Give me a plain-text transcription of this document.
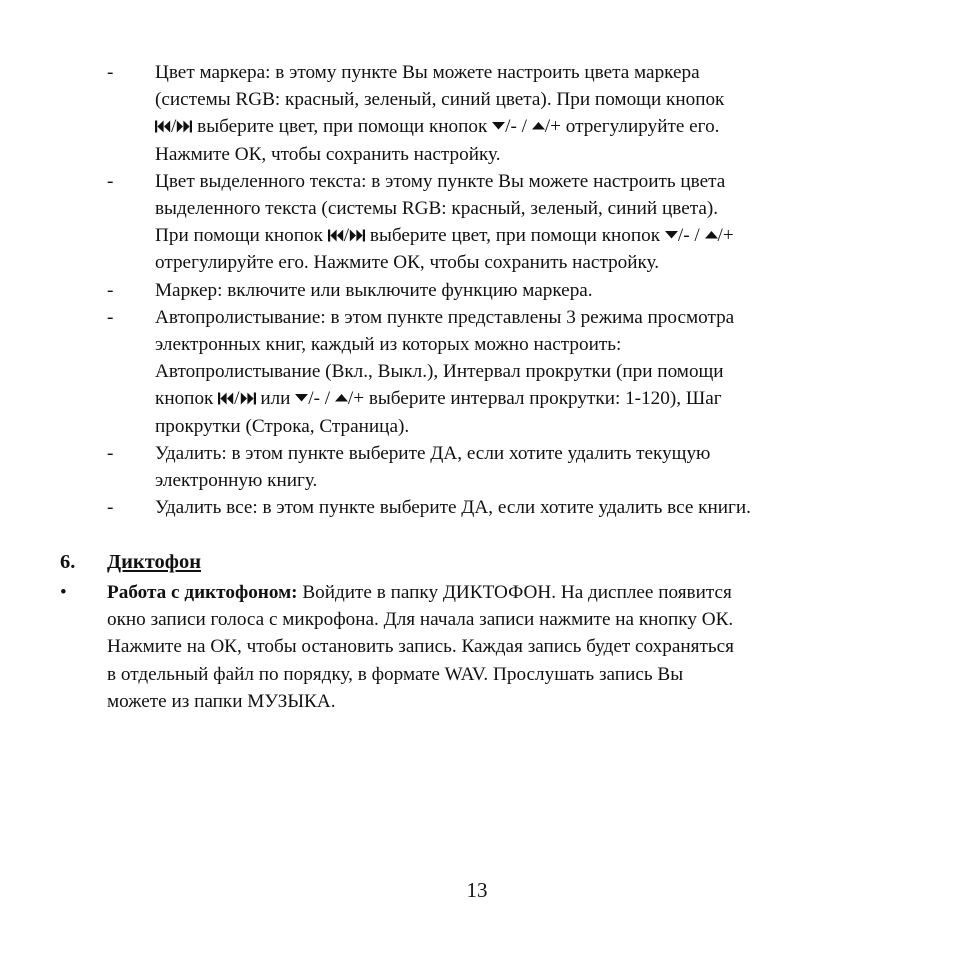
- Цвет маркера: в этому пункте Вы можете настроить цвета маркера
(системы RGB: красный, зеленый, синий цвета). При помощи кнопок
/ выберите цвет, при помощи кнопок /- / /+ отрегулируйте его.
Нажмите ОК, чтобы сохранить настройку.
- Цвет выделенного текста: в этому пункте Вы можете настроить цвета
выделенного текста (системы RGB: красный, зеленый, синий цвета).
При помощи кнопок / выберите цвет, при помощи кнопок /- / /+
отрегулируйте его. Нажмите ОК, чтобы сохранить настройку.
- Маркер: включите или выключите функцию маркера.
- Автопролистывание: в этом пункте представлены 3 режима просмотра
электронных книг, каждый из которых можно настроить:
Автопролистывание (Вкл., Выкл.), Интервал прокрутки (при помощи
кнопок / или /- / /+ выберите интервал прокрутки: 1-120), Шаг
прокрутки (Строка, Страница).
- Удалить: в этом пункте выберите ДА, если хотите удалить текущую
электронную книгу.
- Удалить все: в этом пункте выберите ДА, если хотите удалить все книги.
6. Диктофон
• Работа с диктофоном: Войдите в папку ДИКТОФОН. На дисплее появится
окно записи голоса с микрофона. Для начала записи нажмите на кнопку ОК.
Нажмите на ОК, чтобы остановить запись. Каждая запись будет сохраняться
в отдельный файл по порядку, в формате WAV. Прослушать запись Вы
можете из папки МУЗЫКА.
13
